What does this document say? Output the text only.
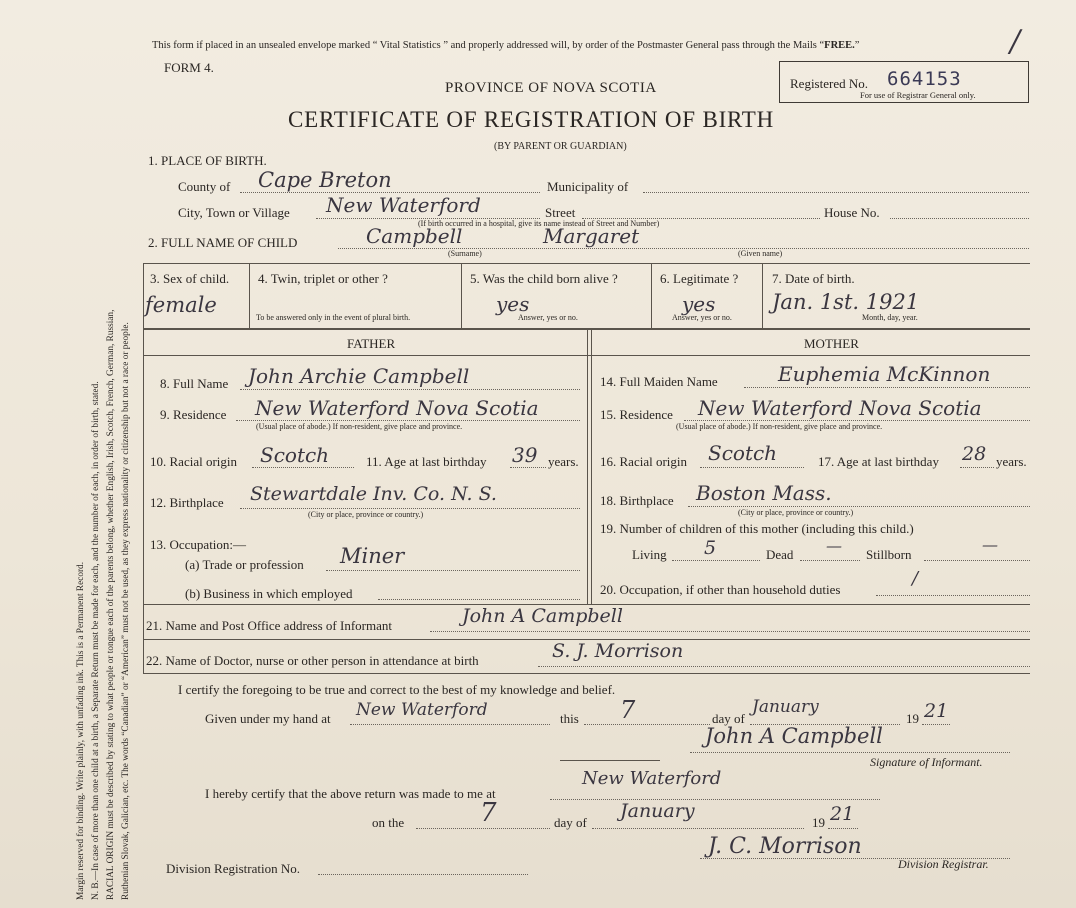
Margin reserved for binding. Write plainly, with unfading ink. This is a Permanent Record. N. B.—In case of more than one child at a birth, a Separate Return must be made for each, and the number of each, in order of birth, stated. RACIAL ORIGIN must be described by stating to what people or tongue each of the parents belong, whether English, Irish, Scotch, French, German, Russian, Ruthenian Slovak, Galician, etc. The words “Canadian” or “American” must not be used, as they express nationality or citizenship but not a race or people.
This form if placed in an unsealed envelope marked “ Vital Statistics ” and properly addressed will, by order of the Postmaster General pass through the Mails “FREE.”	/
FORM 4.
Registered No. 664153
For use of Registrar General only.
PROVINCE OF NOVA SCOTIA
CERTIFICATE OF REGISTRATION OF BIRTH
(BY PARENT OR GUARDIAN)
1. PLACE OF BIRTH.
County of Cape Breton	Municipality of
City, Town or Village New Waterford	Street	House No.
(If birth occurred in a hospital, give its name instead of Street and Number)
2. FULL NAME OF CHILD	Campbell	Margaret
(Surname)	(Given name)
3. Sex of child.
female
4. Twin, triplet or other ?
To be answered only in the event of plural birth.
5. Was the child born alive ?
yes
Answer, yes or no.
6. Legitimate ?
yes
Answer, yes or no.
7. Date of birth.
Jan. 1st. 1921
Month, day, year.
FATHER	MOTHER
8. Full Name John Archie Campbell
9. Residence New Waterford Nova Scotia
(Usual place of abode.) If non-resident, give place and province.
10. Racial origin Scotch	11. Age at last birthday 39 years.
12. Birthplace Stewartdale Inv. Co. N. S.
(City or place, province or country.)
13. Occupation:—
(a) Trade or profession Miner
(b) Business in which employed
14. Full Maiden Name	Euphemia McKinnon
15. Residence New Waterford Nova Scotia
(Usual place of abode.) If non-resident, give place and province.
16. Racial origin Scotch	17. Age at last birthday 28 years.
18. Birthplace Boston Mass.
(City or place, province or country.)
19. Number of children of this mother (including this child.)
Living 5	Dead — Stillborn
—
20. Occupation, if other than household duties
/
21. Name and Post Office address of Informant	John A Campbell
22. Name of Doctor, nurse or other person in attendance at birth	S. J. Morrison
I certify the foregoing to be true and correct to the best of my knowledge and belief.
Given under my hand at New Waterford	this 7	day of
January
19 21
John A Campbell
Signature of Informant.
I hereby certify that the above return was made to me at
New Waterford
on the	7	day of
January
19 21
J. C. Morrison
Division Registrar.
Division Registration No.
